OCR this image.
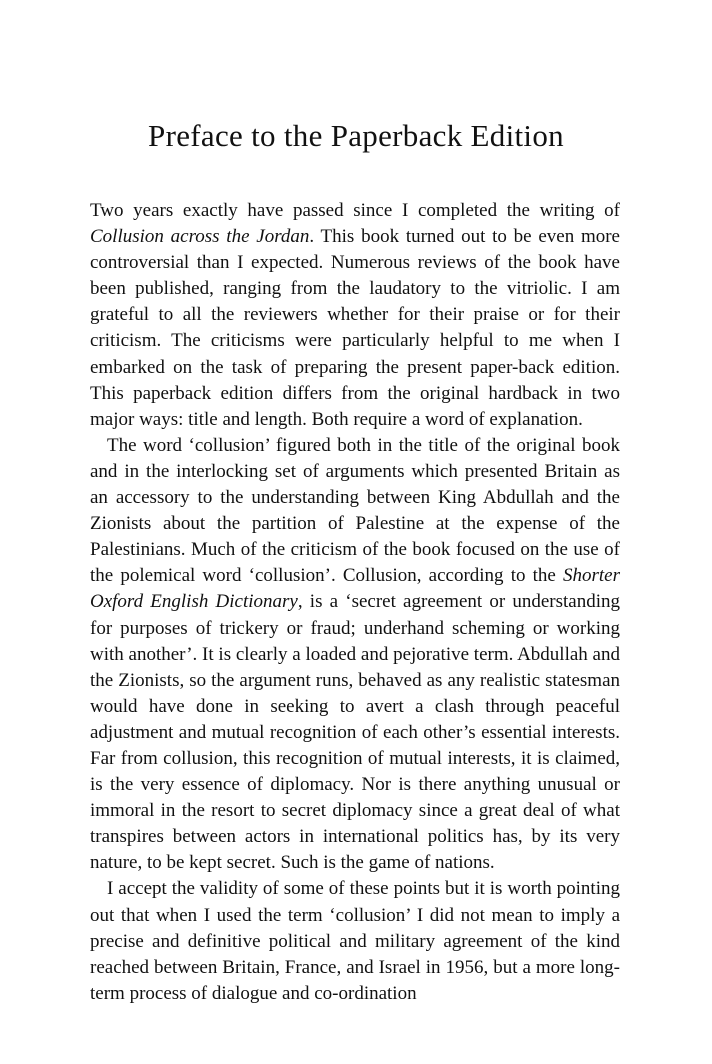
Preface to the Paperback Edition

Two years exactly have passed since I completed the writing of Collusion across the Jordan. This book turned out to be even more controversial than I expected. Numerous reviews of the book have been published, ranging from the laudatory to the vitriolic. I am grateful to all the reviewers whether for their praise or for their criticism. The criticisms were particularly helpful to me when I embarked on the task of preparing the present paper-back edition. This paperback edition differs from the original hardback in two major ways: title and length. Both require a word of explanation.

The word ‘collusion’ figured both in the title of the original book and in the interlocking set of arguments which presented Britain as an accessory to the understanding between King Abdullah and the Zionists about the partition of Palestine at the expense of the Palestinians. Much of the criticism of the book focused on the use of the polemical word ‘collusion’. Collusion, according to the Shorter Oxford English Dictionary, is a ‘secret agreement or understanding for purposes of trickery or fraud; underhand scheming or working with another’. It is clearly a loaded and pejorative term. Abdullah and the Zionists, so the argument runs, behaved as any realistic statesman would have done in seeking to avert a clash through peaceful adjustment and mutual recognition of each other’s essential interests. Far from collusion, this recognition of mutual interests, it is claimed, is the very essence of diplomacy. Nor is there anything unusual or immoral in the resort to secret diplomacy since a great deal of what transpires between actors in international politics has, by its very nature, to be kept secret. Such is the game of nations.

I accept the validity of some of these points but it is worth pointing out that when I used the term ‘collusion’ I did not mean to imply a precise and definitive political and military agreement of the kind reached between Britain, France, and Israel in 1956, but a more long-term process of dialogue and co-ordination
